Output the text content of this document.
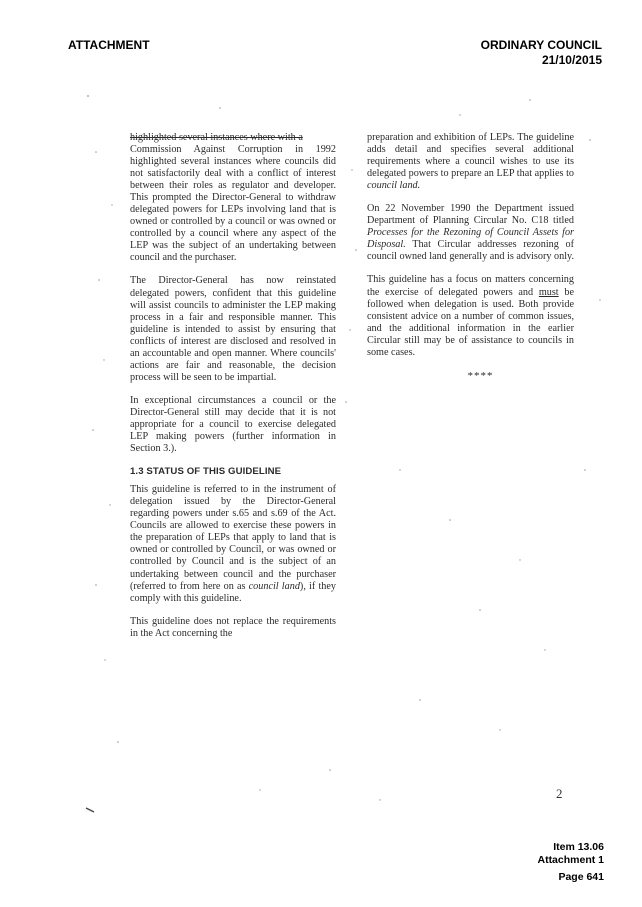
ATTACHMENT	ORDINARY COUNCIL
21/10/2015
highlighted several instances where with a

Commission Against Corruption in 1992 highlighted several instances where councils did not satisfactorily deal with a conflict of interest between their roles as regulator and developer. This prompted the Director-General to withdraw delegated powers for LEPs involving land that is owned or controlled by a council or was owned or controlled by a council where any aspect of the LEP was the subject of an undertaking between council and the purchaser.

The Director-General has now reinstated delegated powers, confident that this guideline will assist councils to administer the LEP making process in a fair and responsible manner. This guideline is intended to assist by ensuring that conflicts of interest are disclosed and resolved in an accountable and open manner. Where councils' actions are fair and reasonable, the decision process will be seen to be impartial.

In exceptional circumstances a council or the Director-General still may decide that it is not appropriate for a council to exercise delegated LEP making powers (further information in Section 3.).

1.3 STATUS OF THIS GUIDELINE

This guideline is referred to in the instrument of delegation issued by the Director-General regarding powers under s.65 and s.69 of the Act. Councils are allowed to exercise these powers in the preparation of LEPs that apply to land that is owned or controlled by Council, or was owned or controlled by Council and is the subject of an undertaking between council and the purchaser (referred to from here on as council land), if they comply with this guideline.

This guideline does not replace the requirements in the Act concerning the

preparation and exhibition of LEPs. The guideline adds detail and specifies several additional requirements where a council wishes to use its delegated powers to prepare an LEP that applies to council land.

On 22 November 1990 the Department issued Department of Planning Circular No. C18 titled Processes for the Rezoning of Council Assets for Disposal. That Circular addresses rezoning of council owned land generally and is advisory only.

This guideline has a focus on matters concerning the exercise of delegated powers and must be followed when delegation is used. Both provide consistent advice on a number of common issues, and the additional information in the earlier Circular still may be of assistance to councils in some cases.

****
2
Item 13.06
Attachment 1
Page 641
